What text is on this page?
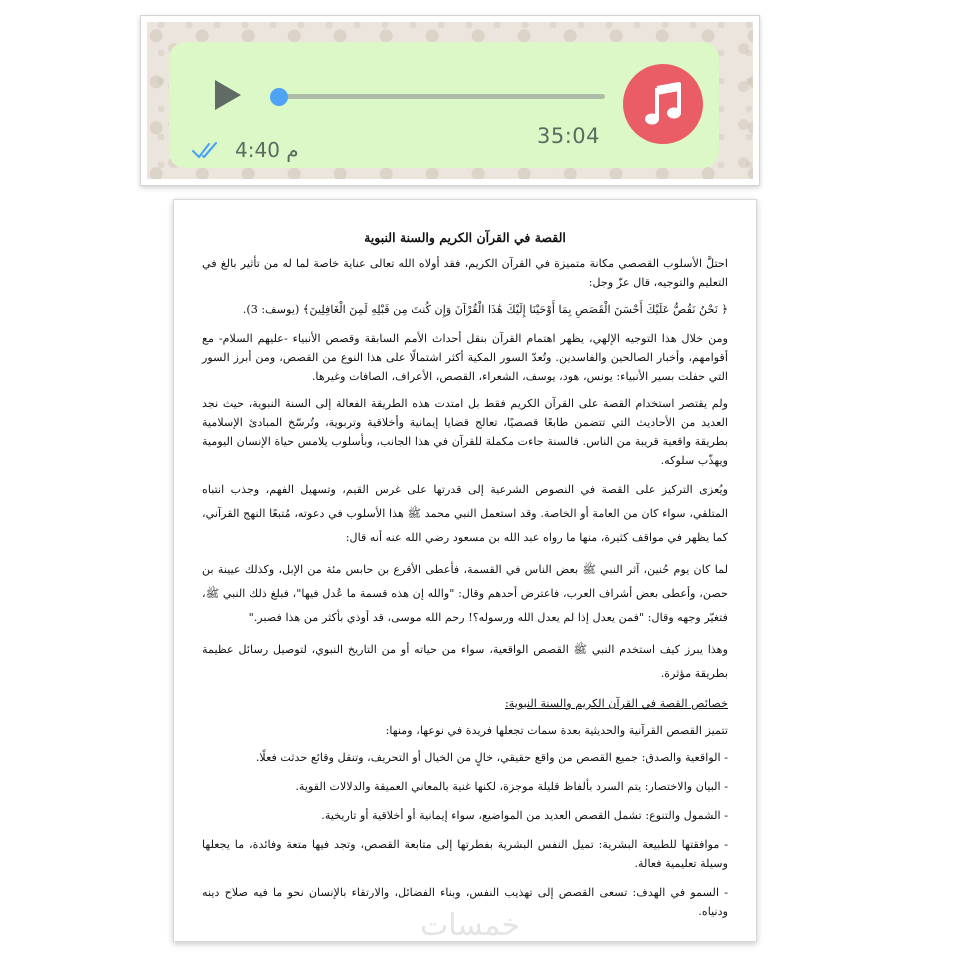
35:04
4:40 م
القصة في القرآن الكريم والسنة النبوية

احتلَّ الأسلوب القصصي مكانة متميزة في القرآن الكريم، فقد أولاه الله تعالى عناية خاصة لما له من تأثير بالغ في التعليم والتوجيه، قال عزّ وجل:

﴿ نَحْنُ نَقُصُّ عَلَيْكَ أَحْسَنَ الْقَصَصِ بِمَا أَوْحَيْنَا إِلَيْكَ هَٰذَا الْقُرْآنَ وَإِن كُنتَ مِن قَبْلِهِ لَمِنَ الْغَافِلِينَ﴾ (يوسف: 3).

ومن خلال هذا التوجيه الإلهي، يظهر اهتمام القرآن بنقل أحداث الأمم السابقة وقصص الأنبياء -عليهم السلام- مع أقوامهم، وأخبار الصالحين والفاسدين. وتُعدّ السور المكية أكثر اشتمالًا على هذا النوع من القصص، ومن أبرز السور التي حفلت بسير الأنبياء: يونس، هود، يوسف، الشعراء، القصص، الأعراف، الصافات وغيرها.

ولم يقتصر استخدام القصة على القرآن الكريم فقط بل امتدت هذه الطريقة الفعالة إلى السنة النبوية، حيث نجد العديد من الأحاديث التي تتضمن طابعًا قصصيًا، تعالج قضايا إيمانية وأخلاقية وتربوية، وتُرسّخ المبادئ الإسلامية بطريقة واقعية قريبة من الناس. فالسنة جاءت مكملة للقرآن في هذا الجانب، وبأسلوب يلامس حياة الإنسان اليومية ويهذّب سلوكه.

ويُعزى التركيز على القصة في النصوص الشرعية إلى قدرتها على غرس القيم، وتسهيل الفهم، وجذب انتباه المتلقي، سواء كان من العامة أو الخاصة. وقد استعمل النبي محمد ﷺ هذا الأسلوب في دعوته، مُتبعًا النهج القرآني، كما يظهر في مواقف كثيرة، منها ما رواه عبد الله بن مسعود رضي الله عنه أنه قال:

لما كان يوم حُنين، آثر النبي ﷺ بعض الناس في القسمة، فأعطى الأقرع بن حابس مئة من الإبل، وكذلك عيينة بن حصن، وأعطى بعض أشراف العرب، فاعترض أحدهم وقال: "والله إن هذه قسمة ما عُدل فيها"، فبلغ ذلك النبي ﷺ، فتغيّر وجهه وقال: "فمن يعدل إذا لم يعدل الله ورسوله؟! رحم الله موسى، قد أوذي بأكثر من هذا فصبر."

وهذا يبرز كيف استخدم النبي ﷺ القصص الواقعية، سواء من حياته أو من التاريخ النبوي، لتوصيل رسائل عظيمة بطريقة مؤثرة.

خصائص القصة في القرآن الكريم والسنة النبوية:

تتميز القصص القرآنية والحديثية بعدة سمات تجعلها فريدة في نوعها، ومنها:

- الواقعية والصدق: جميع القصص من واقع حقيقي، خالٍ من الخيال أو التحريف، وتنقل وقائع حدثت فعلًا.
- البيان والاختصار: يتم السرد بألفاظ قليلة موجزة، لكنها غنية بالمعاني العميقة والدلالات القوية.
- الشمول والتنوع: تشمل القصص العديد من المواضيع، سواء إيمانية أو أخلاقية أو تاريخية.
- موافقتها للطبيعة البشرية: تميل النفس البشرية بفطرتها إلى متابعة القصص، وتجد فيها متعة وفائدة، ما يجعلها وسيلة تعليمية فعالة.
- السمو في الهدف: تسعى القصص إلى تهذيب النفس، وبناء الفضائل، والارتقاء بالإنسان نحو ما فيه صلاح دينه ودنياه.
خمسات
